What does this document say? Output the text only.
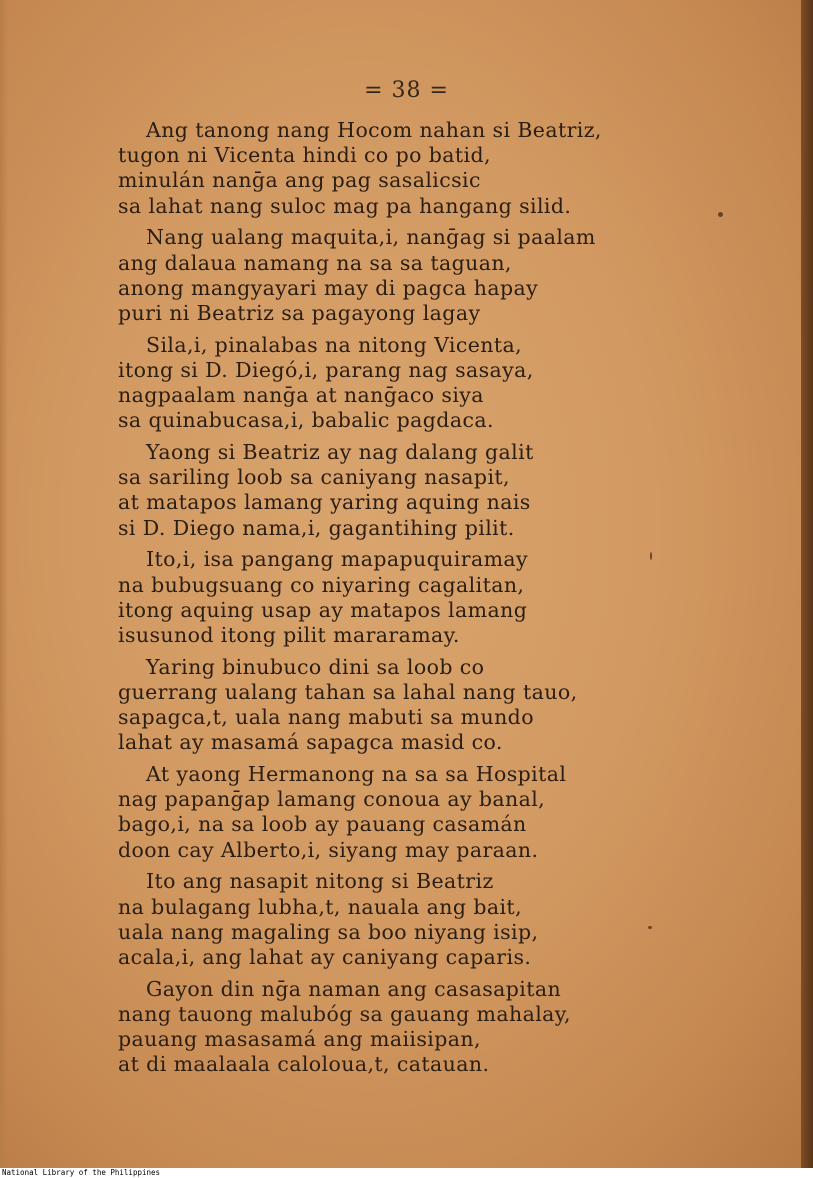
= 38 =
Ang tanong nang Hocom nahan si Beatriz,
tugon ni Vicenta hindi co po batid,
minulán nanḡa ang pag sasalicsic
sa lahat nang suloc mag pa hangang silid.
Nang ualang maquita,i, nanḡag si paalam
ang dalaua namang na sa sa taguan,
anong mangyayari may di pagca hapay
puri ni Beatriz sa pagayong lagay
Sila,i, pinalabas na nitong Vicenta,
itong si D. Diegó,i, parang nag sasaya,
nagpaalam nanḡa at nanḡaco siya
sa quinabucasa,i, babalic pagdaca.
Yaong si Beatriz ay nag dalang galit
sa sariling loob sa caniyang nasapit,
at matapos lamang yaring aquing nais
si D. Diego nama,i, gagantihing pilit.
Ito,i, isa pangang mapapuquiramay
na bubugsuang co niyaring cagalitan,
itong aquing usap ay matapos lamang
isusunod itong pilit mararamay.
Yaring binubuco dini sa loob co
guerrang ualang tahan sa lahal nang tauo,
sapagca,t, uala nang mabuti sa mundo
lahat ay masamá sapagca masid co.
At yaong Hermanong na sa sa Hospital
nag papanḡap lamang conoua ay banal,
bago,i, na sa loob ay pauang casamán
doon cay Alberto,i, siyang may paraan.
Ito ang nasapit nitong si Beatriz
na bulagang lubha,t, nauala ang bait,
uala nang magaling sa boo niyang isip,
acala,i, ang lahat ay caniyang caparis.
Gayon din nḡa naman ang casasapitan
nang tauong malubóg sa gauang mahalay,
pauang masasamá ang maiisipan,
at di maalaala caloloua,t, catauan.
National Library of the Philippines
